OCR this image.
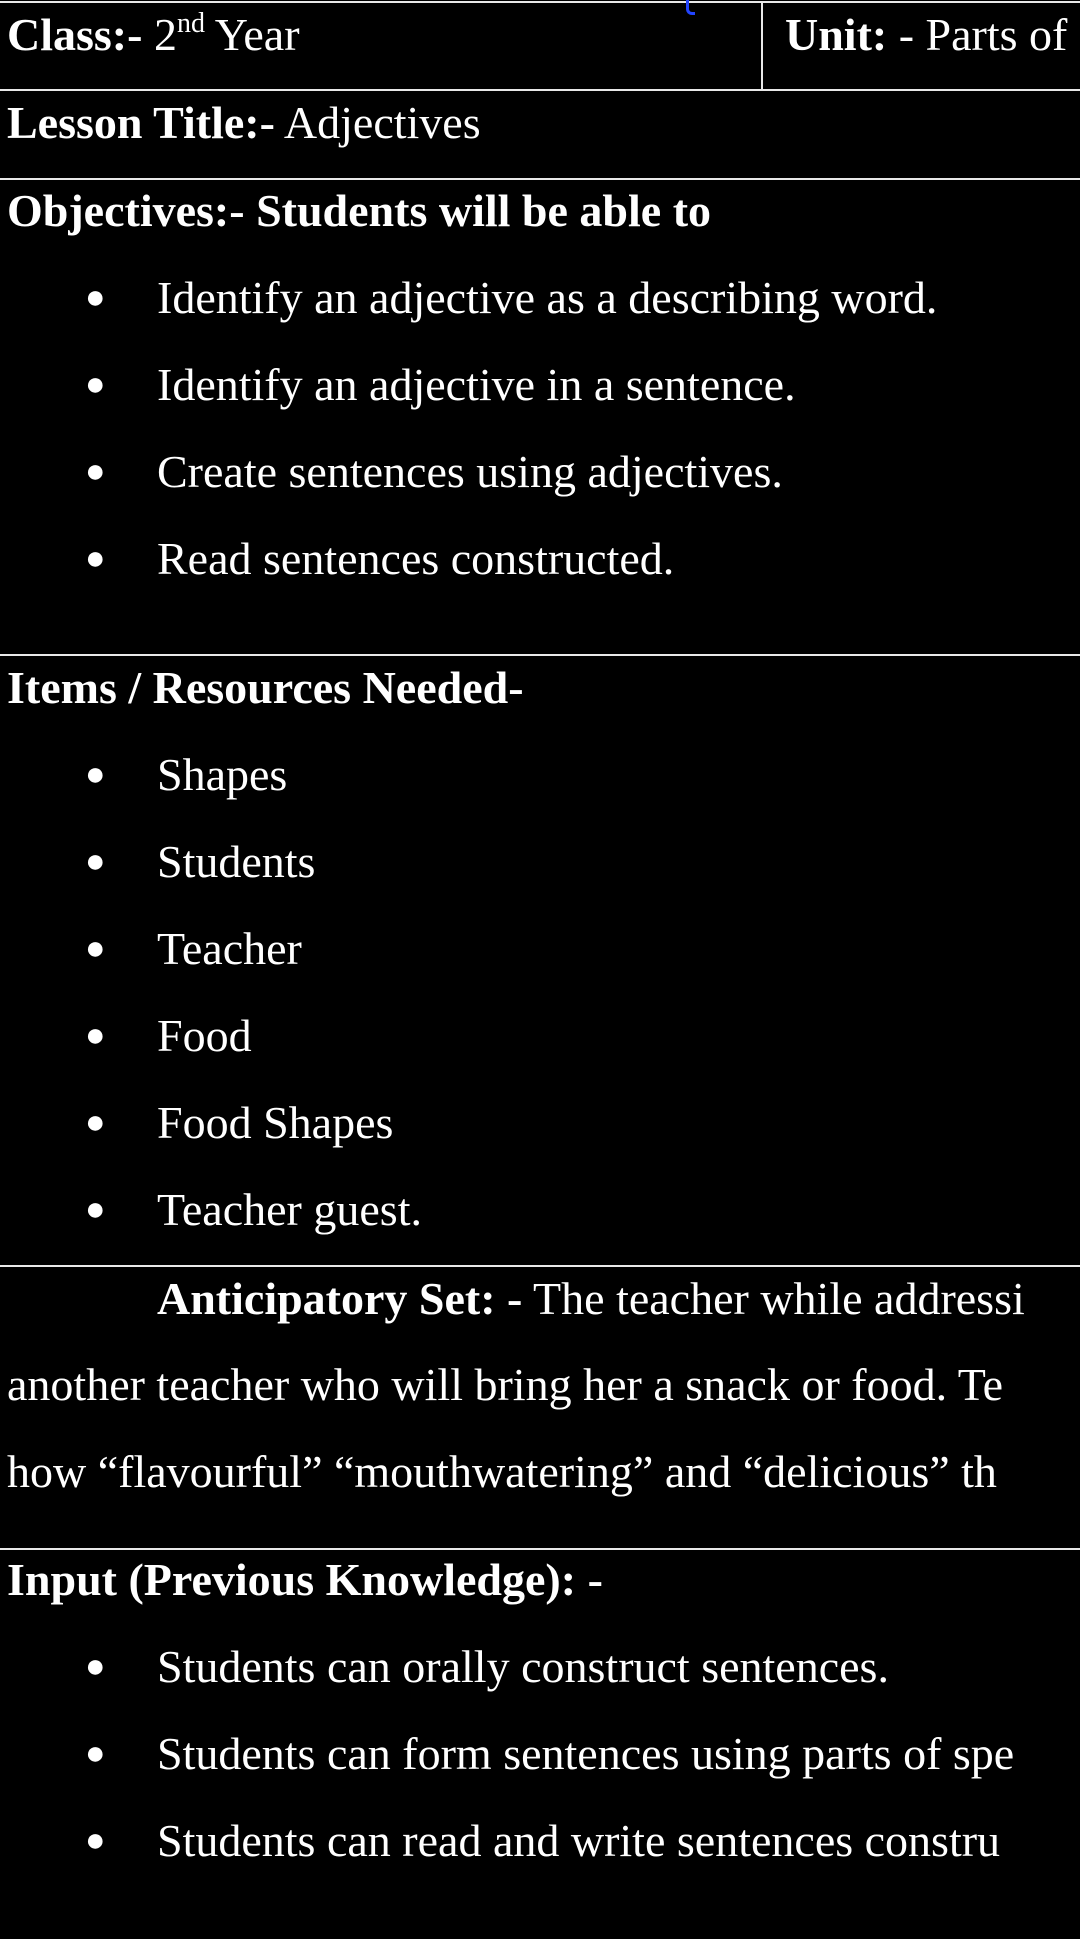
Class:- 2nd Year	Unit: - Parts of
Lesson Title:- Adjectives
Objectives:- Students will be able to
● Identify an adjective as a describing word.
● Identify an adjective in a sentence.
● Create sentences using adjectives.
● Read sentences constructed.
Items / Resources Needed-
● Shapes
● Students
● Teacher
● Food
● Food Shapes
● Teacher guest.
Anticipatory Set: - The teacher while addressi
another teacher who will bring her a snack or food. Te
how “flavourful” “mouthwatering” and “delicious” th
Input (Previous Knowledge): -
● Students can orally construct sentences.
● Students can form sentences using parts of spe
● Students can read and write sentences constru
